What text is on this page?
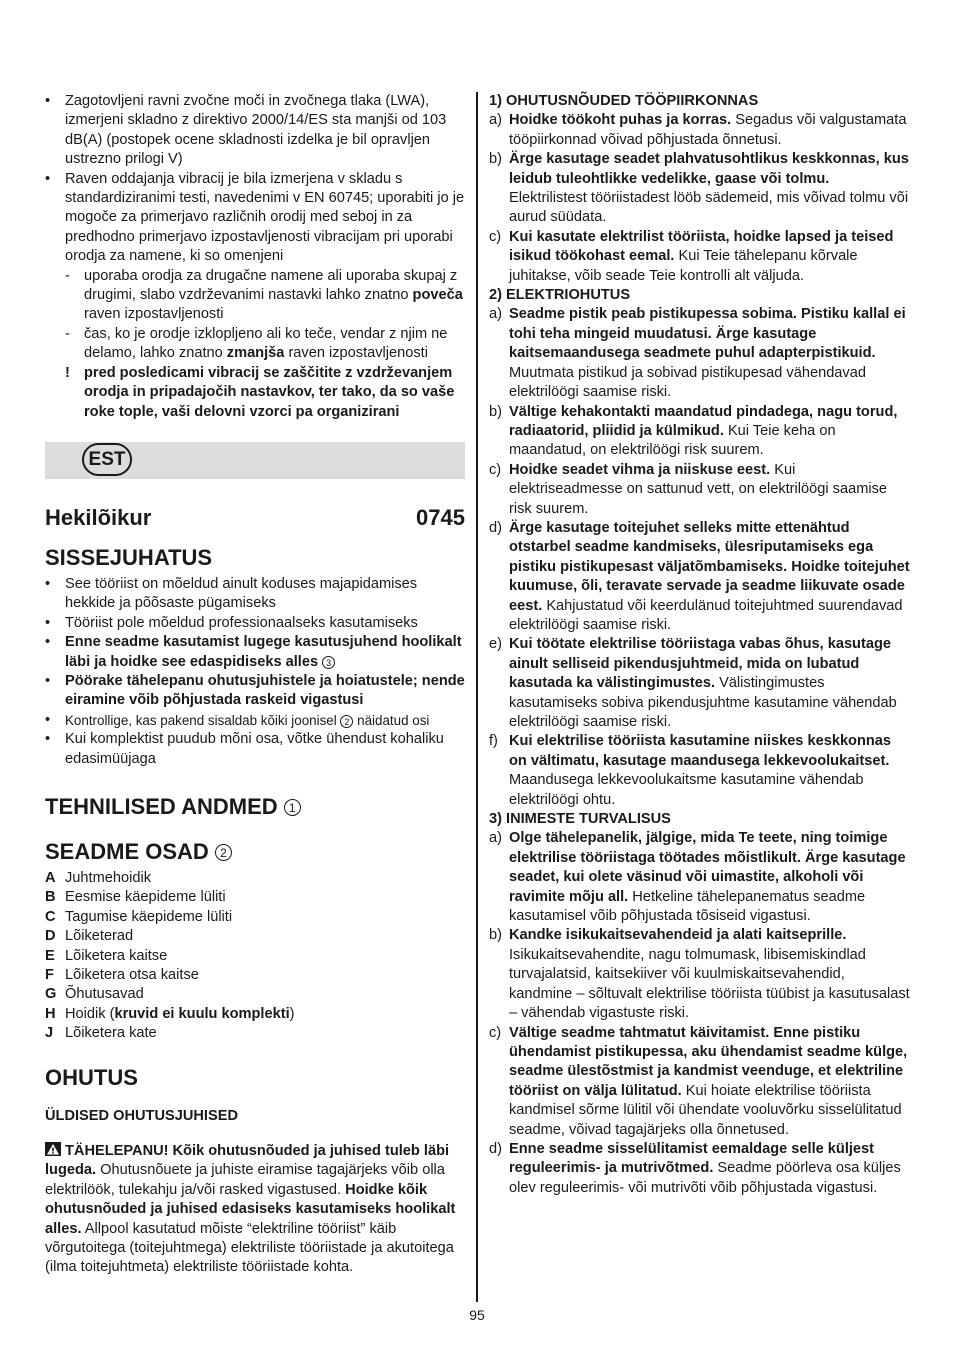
• Zagotovljeni ravni zvočne moči in zvočnega tlaka (LWA), izmerjeni skladno z direktivo 2000/14/ES sta manjši od 103 dB(A) (postopek ocene skladnosti izdelka je bil opravljen ustrezno prilogi V)
• Raven oddajanja vibracij je bila izmerjena v skladu s standardiziranimi testi, navedenimi v EN 60745; uporabiti jo je mogoče za primerjavo različnih orodij med seboj in za predhodno primerjavo izpostavljenosti vibracijam pri uporabi orodja za namene, ki so omenjeni
- uporaba orodja za drugačne namene ali uporaba skupaj z drugimi, slabo vzdrževanimi nastavki lahko znatno poveča raven izpostavljenosti
- čas, ko je orodje izklopljeno ali ko teče, vendar z njim ne delamo, lahko znatno zmanjša raven izpostavljenosti
! pred posledicami vibracij se zaščitite z vzdrževanjem orodja in pripadajočih nastavkov, ter tako, da so vaše roke tople, vaši delovni vzorci pa organizirani
EST
Hekilõikur	0745
SISSEJUHATUS
• See tööriist on mõeldud ainult koduses majapidamises hekkide ja põõsaste pügamiseks
• Tööriist pole mõeldud professionaalseks kasutamiseks
• Enne seadme kasutamist lugege kasutusjuhend hoolikalt läbi ja hoidke see edaspidiseks alles 3
• Pöörake tähelepanu ohutusjuhistele ja hoiatustele; nende eiramine võib põhjustada raskeid vigastusi
• Kontrollige, kas pakend sisaldab kõiki joonisel 2 näidatud osi
• Kui komplektist puudub mõni osa, võtke ühendust kohaliku edasimüüjaga
TEHNILISED ANDMED 1
SEADME OSAD 2
A Juhtmehoidik
B Eesmise käepideme lüliti
C Tagumise käepideme lüliti
D Lõiketerad
E Lõiketera kaitse
F Lõiketera otsa kaitse
G Õhutusavad
H Hoidik (kruvid ei kuulu komplekti)
J Lõiketera kate
OHUTUS
ÜLDISED OHUTUSJUHISED
TÄHELEPANU! Kõik ohutusnõuded ja juhised tuleb läbi lugeda. Ohutusnõuete ja juhiste eiramise tagajärjeks võib olla elektrilöök, tulekahju ja/või rasked vigastused. Hoidke kõik ohutusnõuded ja juhised edasiseks kasutamiseks hoolikalt alles. Allpool kasutatud mõiste “elektriline tööriist” käib võrgutoitega (toitejuhtmega) elektriliste tööriistade ja akutoitega (ilma toitejuhtmeta) elektriliste tööriistade kohta.
1) OHUTUSNÕUDED TÖÖPIIRKONNAS
a) Hoidke töökoht puhas ja korras. Segadus või valgustamata tööpiirkonnad võivad põhjustada õnnetusi.
b) Ärge kasutage seadet plahvatusohtlikus keskkonnas, kus leidub tuleohtlikke vedelikke, gaase või tolmu. Elektrilistest tööriistadest lööb sädemeid, mis võivad tolmu või aurud süüdata.
c) Kui kasutate elektrilist tööriista, hoidke lapsed ja teised isikud töökohast eemal. Kui Teie tähelepanu kõrvale juhitakse, võib seade Teie kontrolli alt väljuda.
2) ELEKTRIOHUTUS
a) Seadme pistik peab pistikupessa sobima. Pistiku kallal ei tohi teha mingeid muudatusi. Ärge kasutage kaitsemaandusega seadmete puhul adapterpistikuid. Muutmata pistikud ja sobivad pistikupesad vähendavad elektrilöögi saamise riski.
b) Vältige kehakontakti maandatud pindadega, nagu torud, radiaatorid, pliidid ja külmikud. Kui Teie keha on maandatud, on elektrilöögi risk suurem.
c) Hoidke seadet vihma ja niiskuse eest. Kui elektriseadmesse on sattunud vett, on elektrilöögi saamise risk suurem.
d) Ärge kasutage toitejuhet selleks mitte ettenähtud otstarbel seadme kandmiseks, ülesriputamiseks ega pistiku pistikupesast väljatõmbamiseks. Hoidke toitejuhet kuumuse, õli, teravate servade ja seadme liikuvate osade eest. Kahjustatud või keerdulänud toitejuhtmed suurendavad elektrilöögi saamise riski.
e) Kui töötate elektrilise tööriistaga vabas õhus, kasutage ainult selliseid pikendusjuhtmeid, mida on lubatud kasutada ka välistingimustes. Välistingimustes kasutamiseks sobiva pikendusjuhtme kasutamine vähendab elektrilöögi saamise riski.
f) Kui elektrilise tööriista kasutamine niiskes keskkonnas on vältimatu, kasutage maandusega lekkevoolukaitset. Maandusega lekkevoolukaitsme kasutamine vähendab elektrilöögi ohtu.
3) INIMESTE TURVALISUS
a) Olge tähelepanelik, jälgige, mida Te teete, ning toimige elektrilise tööriistaga töötades mõistlikult. Ärge kasutage seadet, kui olete väsinud või uimastite, alkoholi või ravimite mõju all. Hetkeline tähelepanematus seadme kasutamisel võib põhjustada tõsiseid vigastusi.
b) Kandke isikukaitsevahendeid ja alati kaitseprille. Isikukaitsevahendite, nagu tolmumask, libisemiskindlad turvajalatsid, kaitsekiiver või kuulmiskaitsevahendid, kandmine – sõltuvalt elektrilise tööriista tüübist ja kasutusalast – vähendab vigastuste riski.
c) Vältige seadme tahtmatut käivitamist. Enne pistiku ühendamist pistikupessa, aku ühendamist seadme külge, seadme ülestõstmist ja kandmist veenduge, et elektriline tööriist on välja lülitatud. Kui hoiate elektrilise tööriista kandmisel sõrme lülitil või ühendate vooluvõrku sisselülitatud seadme, võivad tagajärjeks olla õnnetused.
d) Enne seadme sisselülitamist eemaldage selle küljest reguleerimis- ja mutrivõtmed. Seadme pöörleva osa küljes olev reguleerimis- või mutrivõti võib põhjustada vigastusi.
95
